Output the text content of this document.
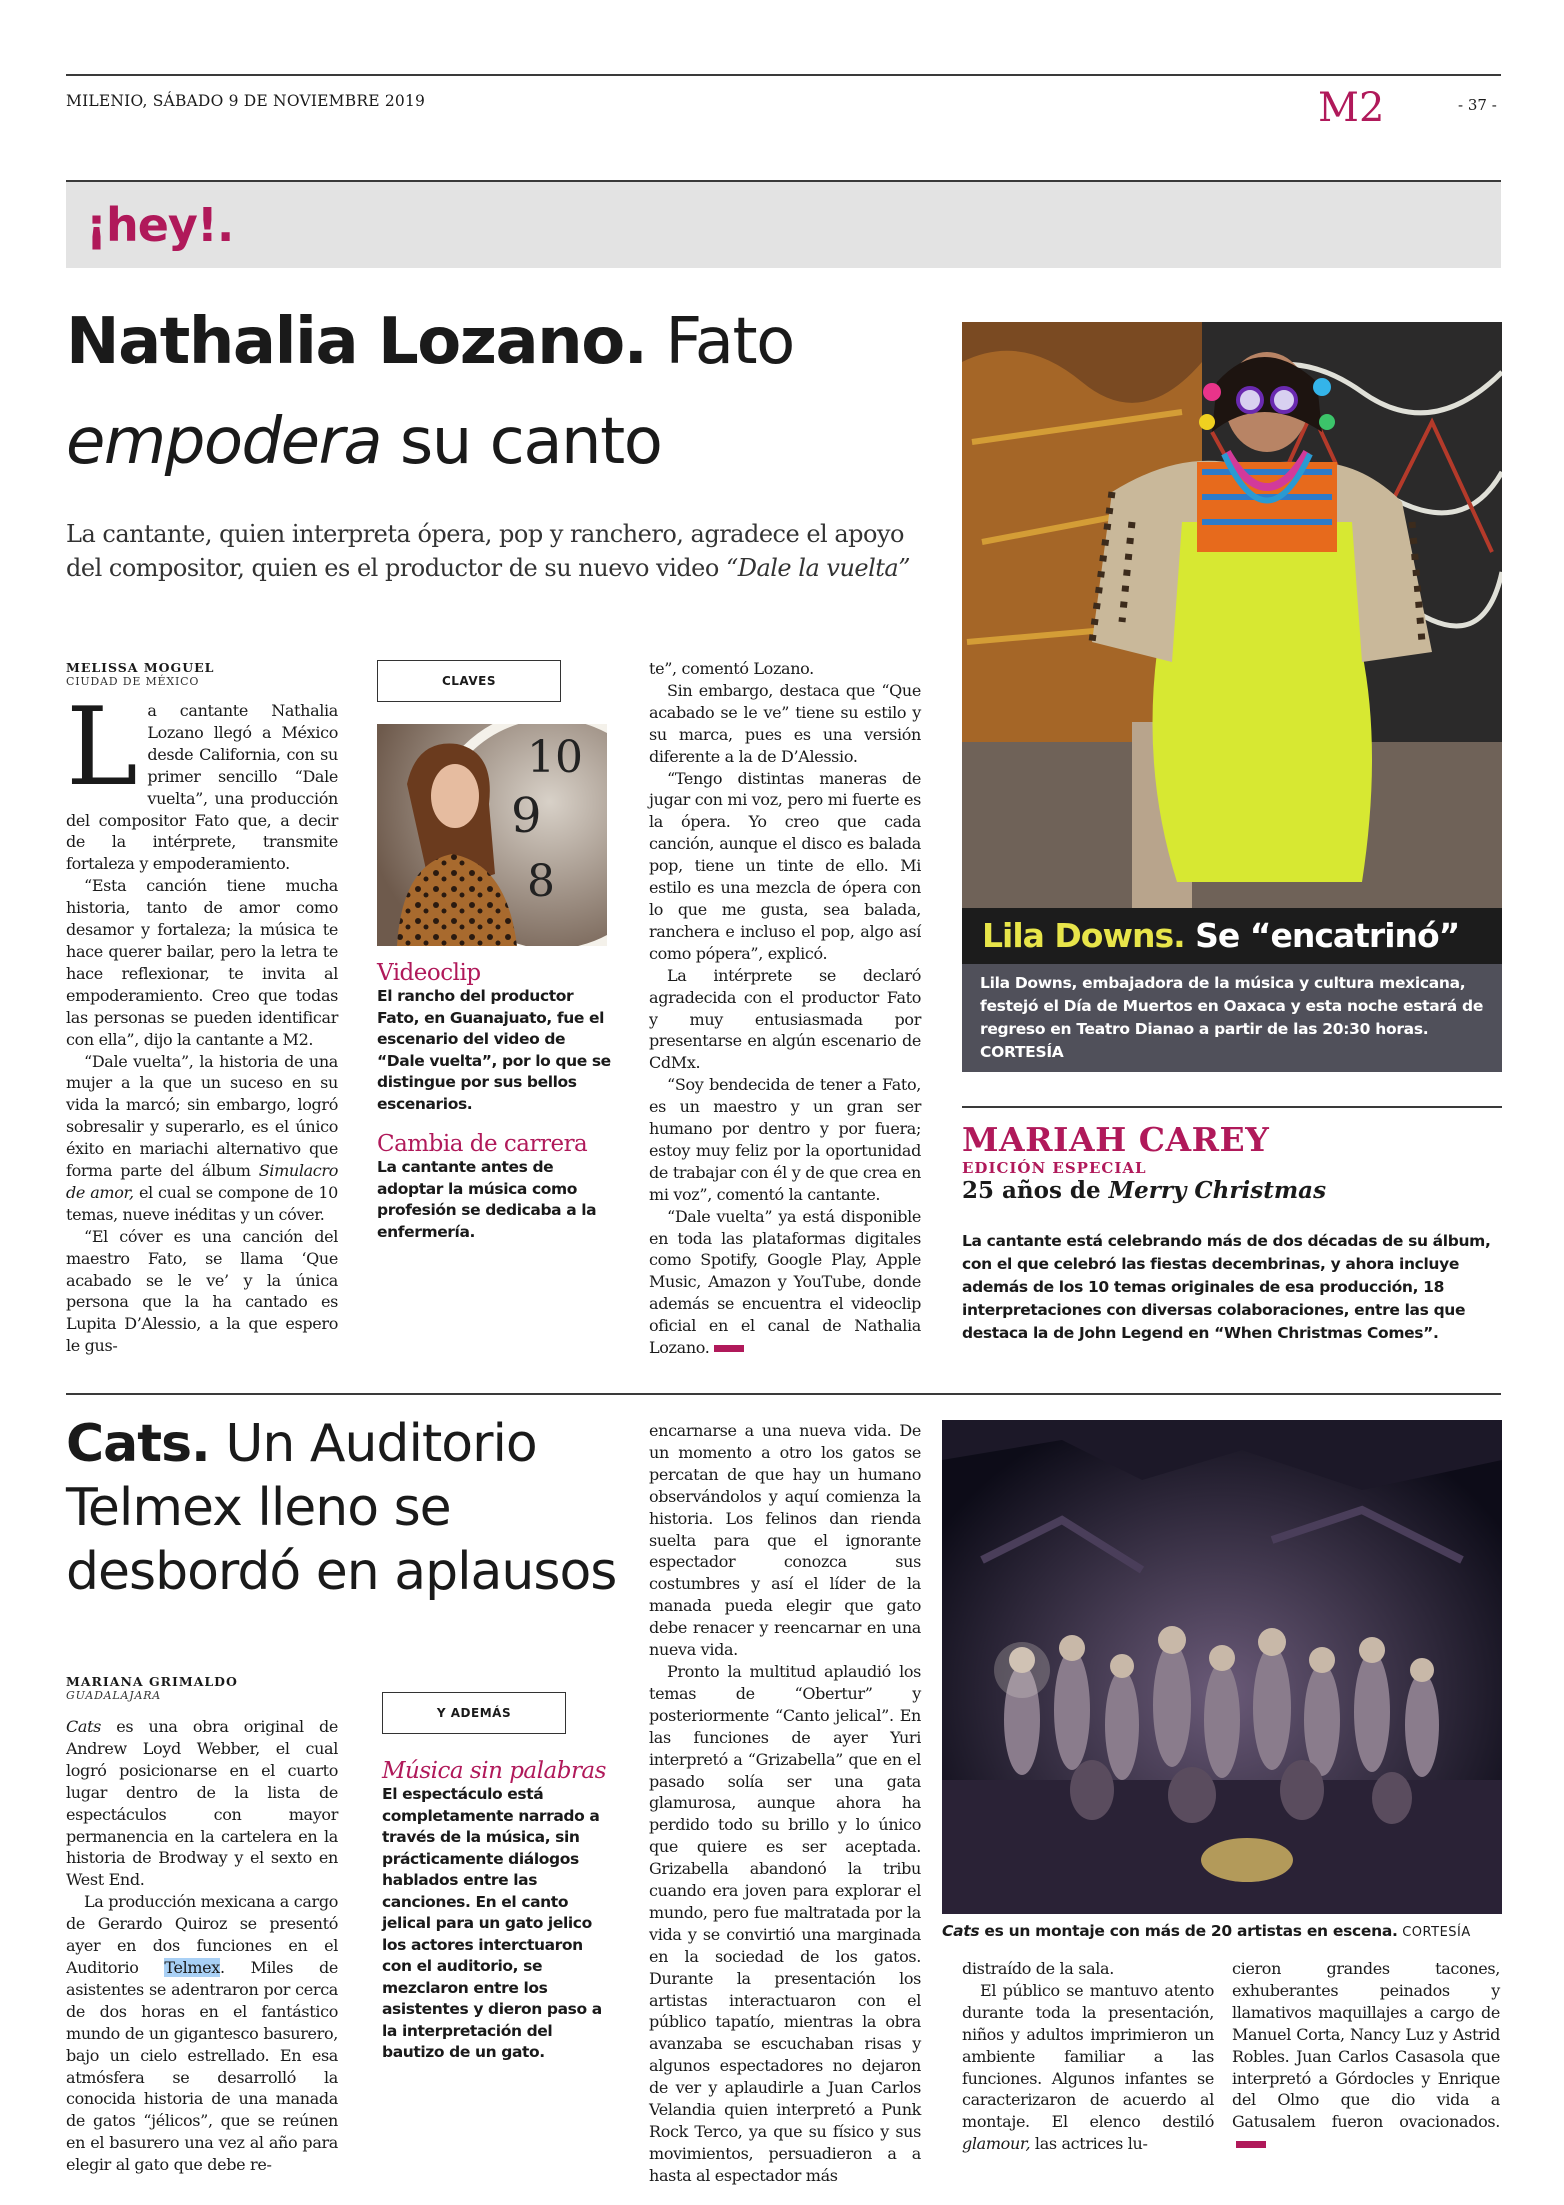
MILENIO, SÁBADO 9 DE NOVIEMBRE 2019	M2	- 37 -
¡hey!.
Nathalia Lozano. Fato
empodera su canto
La cantante, quien interpreta ópera, pop y ranchero, agradece el apoyo
del compositor, quien es el productor de su nuevo video “Dale la vuelta”
MELISSA MOGUEL
CIUDAD DE MÉXICO

La cantante Nathalia Lozano llegó a México desde California, con su primer sencillo “Dale vuelta”, una producción del compositor Fato que, a decir de la intérprete, transmite fortaleza y empoderamiento.

“Esta canción tiene mucha historia, tanto de amor como desamor y fortaleza; la música te hace querer bailar, pero la letra te hace reflexionar, te invita al empoderamiento. Creo que todas las personas se pueden identificar con ella”, dijo la cantante a M2.

“Dale vuelta”, la historia de una mujer a la que un suceso en su vida la marcó; sin embargo, logró sobresalir y superarlo, es el único éxito en mariachi alternativo que forma parte del álbum Simulacro de amor, el cual se compone de 10 temas, nueve inéditas y un cóver.

“El cóver es una canción del maestro Fato, se llama ‘Que acabado se le ve’ y la única persona que la ha cantado es Lupita D’Alessio, a la que espero le gus-

CLAVES
10
9
8
Videoclip
El rancho del productor Fato, en Guanajuato, fue el escenario del video de “Dale vuelta”, por lo que se distingue por sus bellos escenarios.
Cambia de carrera
La cantante antes de adoptar la música como profesión se dedicaba a la enfermería.

te”, comentó Lozano.

Sin embargo, destaca que “Que acabado se le ve” tiene su estilo y su marca, pues es una versión diferente a la de D’Alessio.

“Tengo distintas maneras de jugar con mi voz, pero mi fuerte es la ópera. Yo creo que cada canción, aunque el disco es balada pop, tiene un tinte de ello. Mi estilo es una mezcla de ópera con lo que me gusta, sea balada, ranchera e incluso el pop, algo así como pópera”, explicó.

La intérprete se declaró agradecida con el productor Fato y muy entusiasmada por presentarse en algún escenario de CdMx.

“Soy bendecida de tener a Fato, es un maestro y un gran ser humano por dentro y por fuera; estoy muy feliz por la oportunidad de trabajar con él y de que crea en mi voz”, comentó la cantante.

“Dale vuelta” ya está disponible en toda las plataformas digitales como Spotify, Google Play, Apple Music, Amazon y YouTube, donde además se encuentra el videoclip oficial en el canal de Nathalia Lozano.

Lila Downs. Se “encatrinó”
Lila Downs, embajadora de la música y cultura mexicana, festejó el Día de Muertos en Oaxaca y esta noche estará de regreso en Teatro Dianao a partir de las 20:30 horas. CORTESÍA
MARIAH CAREY
EDICIÓN ESPECIAL
25 años de Merry Christmas
La cantante está celebrando más de dos décadas de su álbum, con el que celebró las fiestas decembrinas, y ahora incluye además de los 10 temas originales de esa producción, 18 interpretaciones con diversas colaboraciones, entre las que destaca la de John Legend en “When Christmas Comes”.
Cats. Un Auditorio
Telmex lleno se
desbordó en aplausos
MARIANA GRIMALDO
GUADALAJARA

Cats es una obra original de Andrew Loyd Webber, el cual logró posicionarse en el cuarto lugar dentro de la lista de espectáculos con mayor permanencia en la cartelera en la historia de Brodway y el sexto en West End.

La producción mexicana a cargo de Gerardo Quiroz se presentó ayer en dos funciones en el Auditorio Telmex. Miles de asistentes se adentraron por cerca de dos horas en el fantástico mundo de un gigantesco basurero, bajo un cielo estrellado. En esa atmósfera se desarrolló la conocida historia de una manada de gatos “jélicos”, que se reúnen en el basurero una vez al año para elegir al gato que debe re-

Y ADEMÁS
Música sin palabras
El espectáculo está completamente narrado a través de la música, sin prácticamente diálogos hablados entre las canciones. En el canto jelical para un gato jelico los actores interctuaron con el auditorio, se mezclaron entre los asistentes y dieron paso a la interpretación del bautizo de un gato.

encarnarse a una nueva vida. De un momento a otro los gatos se percatan de que hay un humano observándolos y aquí comienza la historia. Los felinos dan rienda suelta para que el ignorante espectador conozca sus costumbres y así el líder de la manada pueda elegir que gato debe renacer y reencarnar en una nueva vida.

Pronto la multitud aplaudió los temas de “Obertur” y posteriormente “Canto jelical”. En las funciones de ayer Yuri interpretó a “Grizabella” que en el pasado solía ser una gata glamurosa, aunque ahora ha perdido todo su brillo y lo único que quiere es ser aceptada. Grizabella abandonó la tribu cuando era joven para explorar el mundo, pero fue maltratada por la vida y se convirtió una marginada en la sociedad de los gatos. Durante la presentación los artistas interactuaron con el público tapatío, mientras la obra avanzaba se escuchaban risas y algunos espectadores no dejaron de ver y aplaudirle a Juan Carlos Velandia quien interpretó a Punk Rock Terco, ya que su físico y sus movimientos, persuadieron a a hasta al espectador más

Cats es un montaje con más de 20 artistas en escena. CORTESÍA

distraído de la sala.

El público se mantuvo atento durante toda la presentación, niños y adultos imprimieron un ambiente familiar a las funciones. Algunos infantes se caracterizaron de acuerdo al montaje. El elenco destiló glamour, las actrices lu-

cieron grandes tacones, exhuberantes peinados y llamativos maquillajes a cargo de Manuel Corta, Nancy Luz y Astrid Robles. Juan Carlos Casasola que interpretó a Górdocles y Enrique del Olmo que dio vida a Gatusalem fueron ovacionados.
